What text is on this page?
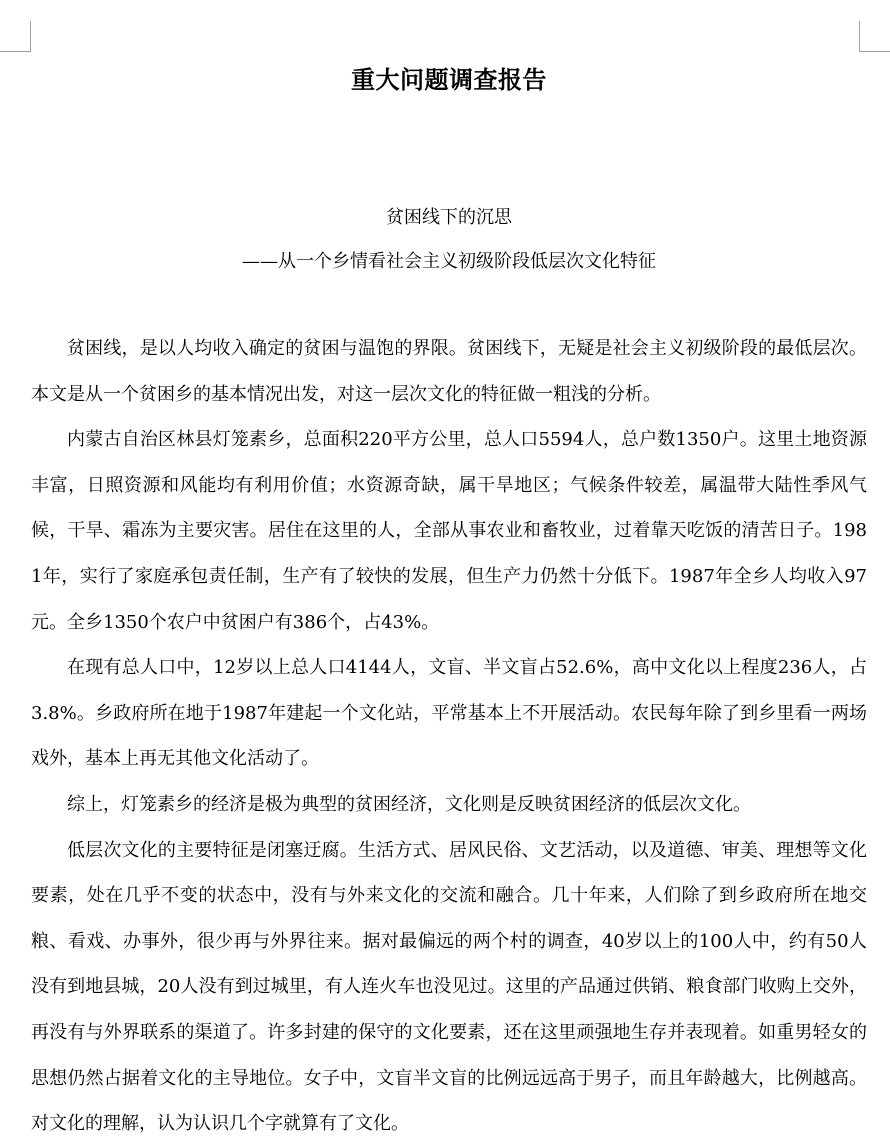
重大问题调查报告
贫困线下的沉思
——从一个乡情看社会主义初级阶段低层次文化特征

贫困线，是以人均收入确定的贫困与温饱的界限。贫困线下，无疑是社会主义初级阶段的最低层次。本文是从一个贫困乡的基本情况出发，对这一层次文化的特征做一粗浅的分析。

内蒙古自治区林县灯笼素乡，总面积220平方公里，总人口5594人，总户数1350户。这里土地资源丰富，日照资源和风能均有利用价值；水资源奇缺，属干旱地区；气候条件较差，属温带大陆性季风气候，干旱、霜冻为主要灾害。居住在这里的人，全部从事农业和畜牧业，过着靠天吃饭的清苦日子。1981年，实行了家庭承包责任制，生产有了较快的发展，但生产力仍然十分低下。1987年全乡人均收入97元。全乡1350个农户中贫困户有386个，占43%。

在现有总人口中，12岁以上总人口4144人，文盲、半文盲占52.6%，高中文化以上程度236人，占3.8%。乡政府所在地于1987年建起一个文化站，平常基本上不开展活动。农民每年除了到乡里看一两场戏外，基本上再无其他文化活动了。

综上，灯笼素乡的经济是极为典型的贫困经济，文化则是反映贫困经济的低层次文化。

低层次文化的主要特征是闭塞迂腐。生活方式、居风民俗、文艺活动，以及道德、审美、理想等文化要素，处在几乎不变的状态中，没有与外来文化的交流和融合。几十年来，人们除了到乡政府所在地交粮、看戏、办事外，很少再与外界往来。据对最偏远的两个村的调查，40岁以上的100人中，约有50人没有到地县城，20人没有到过城里，有人连火车也没见过。这里的产品通过供销、粮食部门收购上交外，再没有与外界联系的渠道了。许多封建的保守的文化要素，还在这里顽强地生存并表现着。如重男轻女的思想仍然占据着文化的主导地位。女子中，文盲半文盲的比例远远高于男子，而且年龄越大，比例越高。对文化的理解，认为认识几个字就算有了文化。
